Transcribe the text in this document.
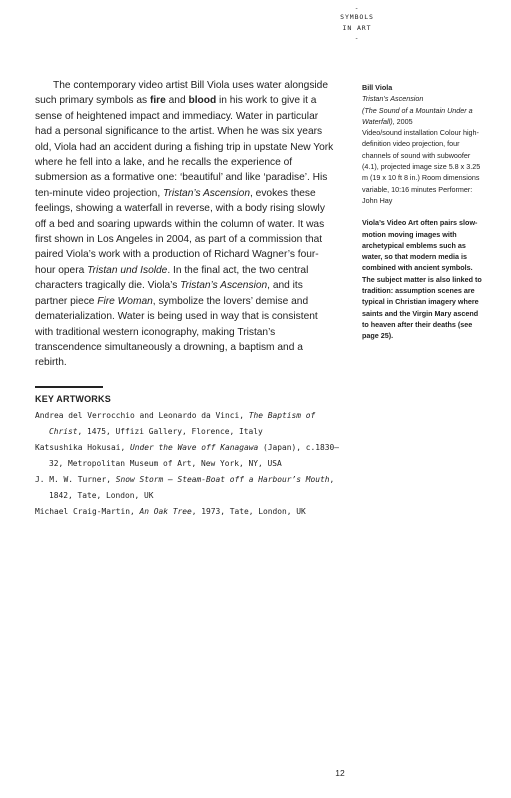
-
SYMBOLS
IN ART
-

The contemporary video artist Bill Viola uses water alongside such primary symbols as fire and blood in his work to give it a sense of heightened impact and immediacy. Water in particular had a personal significance to the artist. When he was six years old, Viola had an accident during a fishing trip in upstate New York where he fell into a lake, and he recalls the experience of submersion as a formative one: ‘beautiful’ and like ‘paradise’. His ten-minute video projection, Tristan’s Ascension, evokes these feelings, showing a waterfall in reverse, with a body rising slowly off a bed and soaring upwards within the column of water. It was first shown in Los Angeles in 2004, as part of a commission that paired Viola’s work with a production of Richard Wagner’s four-hour opera Tristan und Isolde. In the final act, the two central characters tragically die. Viola’s Tristan’s Ascension, and its partner piece Fire Woman, symbolize the lovers’ demise and dematerialization. Water is being used in way that is consistent with traditional western iconography, making Tristan’s transcendence simultaneously a drowning, a baptism and a rebirth.

Bill Viola
Tristan’s Ascension
(The Sound of a Mountain Under a Waterfall), 2005
Video/sound installation Colour high-definition video projection, four channels of sound with subwoofer (4.1), projected image size 5.8 x 3.25 m (19 x 10 ft 8 in.) Room dimensions variable, 10:16 minutes Performer: John Hay
Viola’s Video Art often pairs slow-motion moving images with archetypical emblems such as water, so that modern media is combined with ancient symbols. The subject matter is also linked to tradition: assumption scenes are typical in Christian imagery where saints and the Virgin Mary ascend to heaven after their deaths (see page 25).
KEY ARTWORKS
Andrea del Verrocchio and Leonardo da Vinci, The Baptism of Christ, 1475, Uffizi Gallery, Florence, Italy
Katsushika Hokusai, Under the Wave off Kanagawa (Japan), c.1830–32, Metropolitan Museum of Art, New York, NY, USA
J. M. W. Turner, Snow Storm – Steam-Boat off a Harbour’s Mouth, 1842, Tate, London, UK
Michael Craig-Martin, An Oak Tree, 1973, Tate, London, UK
12
